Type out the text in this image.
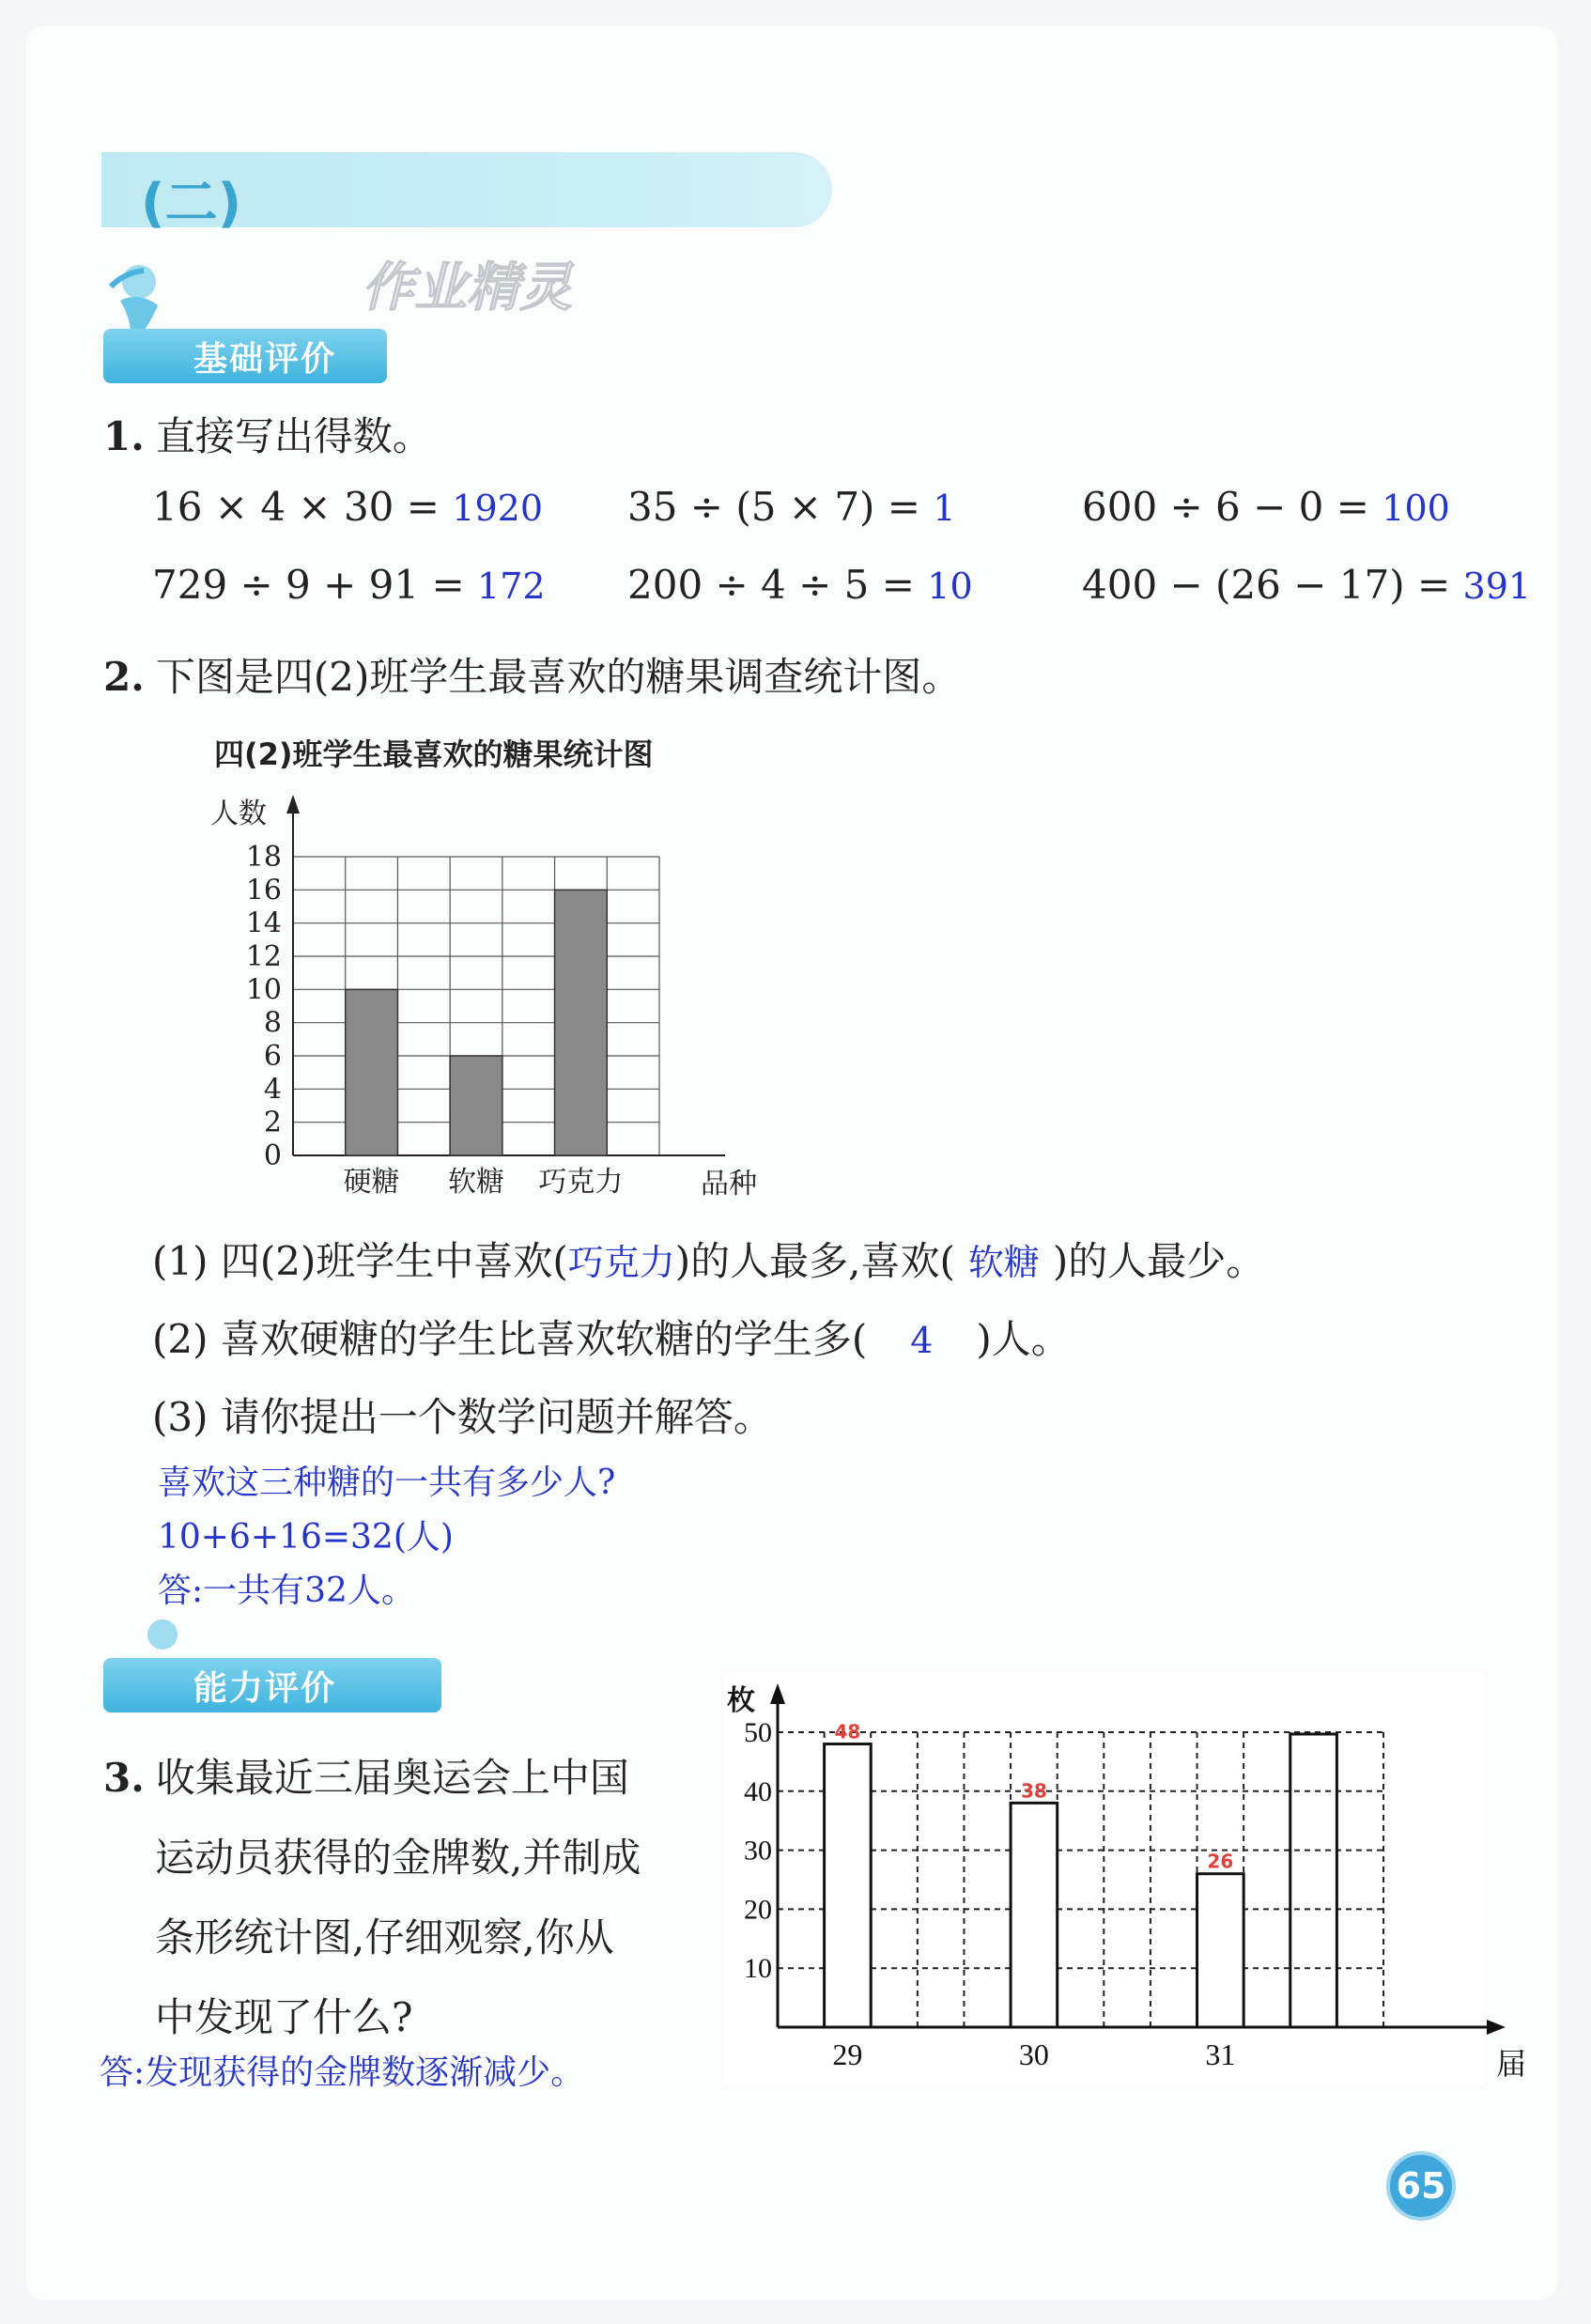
(二)
作业精灵
基础评价
1. 直接写出得数。
16 × 4 × 30 = 1920 35 ÷ (5 × 7) = 1	600 ÷ 6 − 0 = 100
729 ÷ 9 + 91 = 172 200 ÷ 4 ÷ 5 = 10	400 − (26 − 17) = 391
2. 下图是四(2)班学生最喜欢的糖果调查统计图。
四(2)班学生最喜欢的糖果统计图
0
2
4
6
8
10
12
14
16
18
人数
品种
硬糖 软糖 巧克力
(1) 四(2)班学生中喜欢(巧克力)的人最多,喜欢( 软糖 )的人最少。
(2) 喜欢硬糖的学生比喜欢软糖的学生多( 4 )人。
(3) 请你提出一个数学问题并解答。
喜欢这三种糖的一共有多少人?
10+6+16=32(人)
答:一共有32人。
能力评价
3. 收集最近三届奥运会上中国
运动员获得的金牌数,并制成
条形统计图,仔细观察,你从
中发现了什么?
答:发现获得的金牌数逐渐减少。
10
20
30
40
50
枚
届
48
29
38
30
26
31
65
